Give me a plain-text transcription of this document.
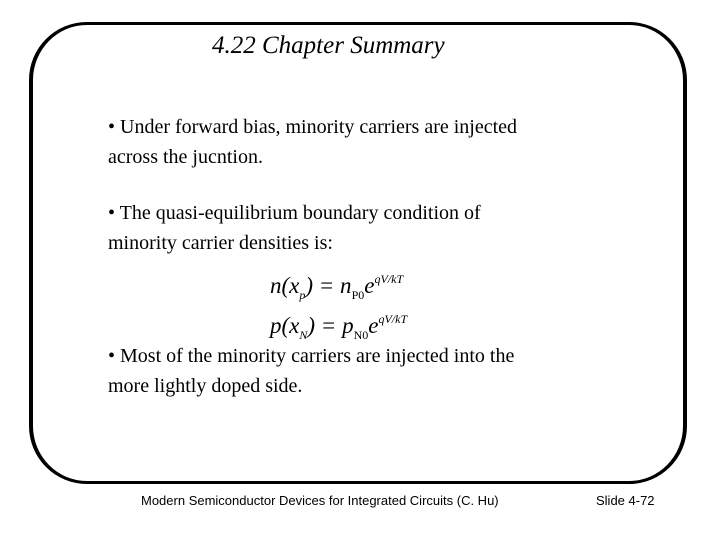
4.22 Chapter Summary
• Under forward bias, minority carriers are injected
across the jucntion.
• The quasi-equilibrium boundary condition of
minority carrier densities is:
$n(x_p) = n_{P0}e^{qV/kT}$
$p(x_N) = p_{N0}e^{qV/kT}$
• Most of the minority carriers are injected into the
more lightly doped side.
Modern Semiconductor Devices for Integrated Circuits (C. Hu)	Slide 4-72
